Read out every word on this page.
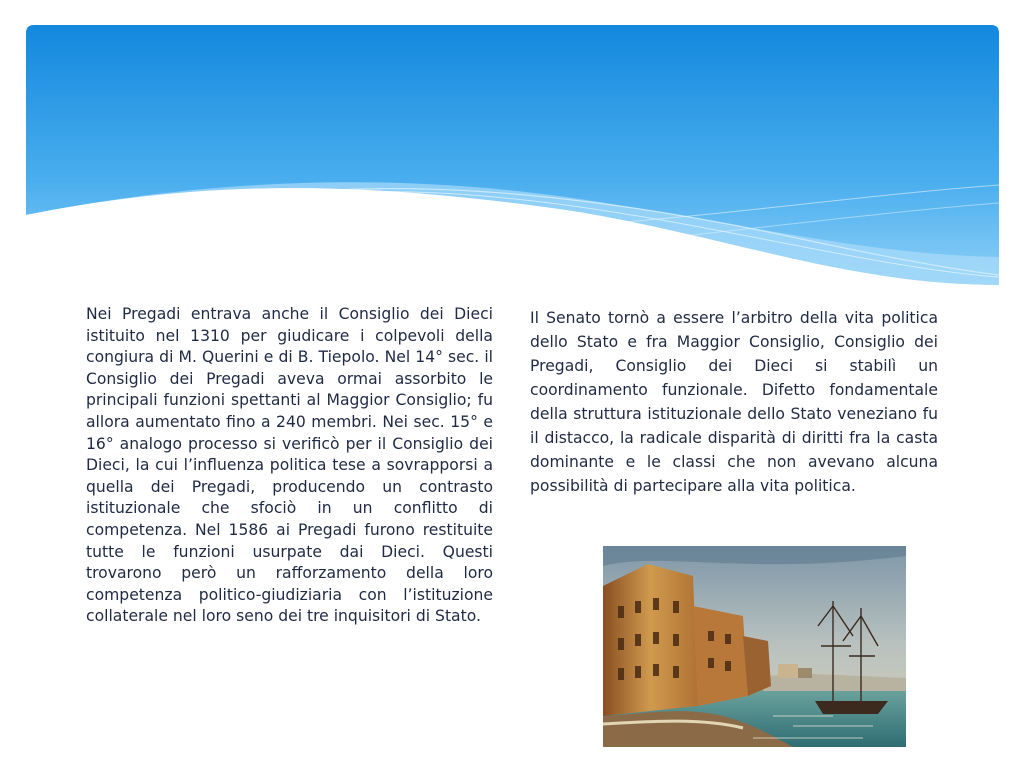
Nei Pregadi entrava anche il Consiglio dei Dieci istituito nel 1310 per giudicare i colpevoli della congiura di M. Querini e di B. Tiepolo. Nel 14° sec. il Consiglio dei Pregadi aveva ormai assorbito le principali funzioni spettanti al Maggior Consiglio; fu allora aumentato fino a 240 membri. Nei sec. 15° e 16° analogo processo si verificò per il Consiglio dei Dieci, la cui l’influenza politica tese a sovrapporsi a quella dei Pregadi, producendo un contrasto istituzionale che sfociò in un conflitto di competenza. Nel 1586 ai Pregadi furono restituite tutte le funzioni usurpate dai Dieci. Questi trovarono però un rafforzamento della loro competenza politico-giudiziaria con l’istituzione collaterale nel loro seno dei tre inquisitori di Stato.

Il Senato tornò a essere l’arbitro della vita politica dello Stato e fra Maggior Consiglio, Consiglio dei Pregadi, Consiglio dei Dieci si stabilì un coordinamento funzionale. Difetto fondamentale della struttura istituzionale dello Stato veneziano fu il distacco, la radicale disparità di diritti fra la casta dominante e le classi che non avevano alcuna possibilità di partecipare alla vita politica.
